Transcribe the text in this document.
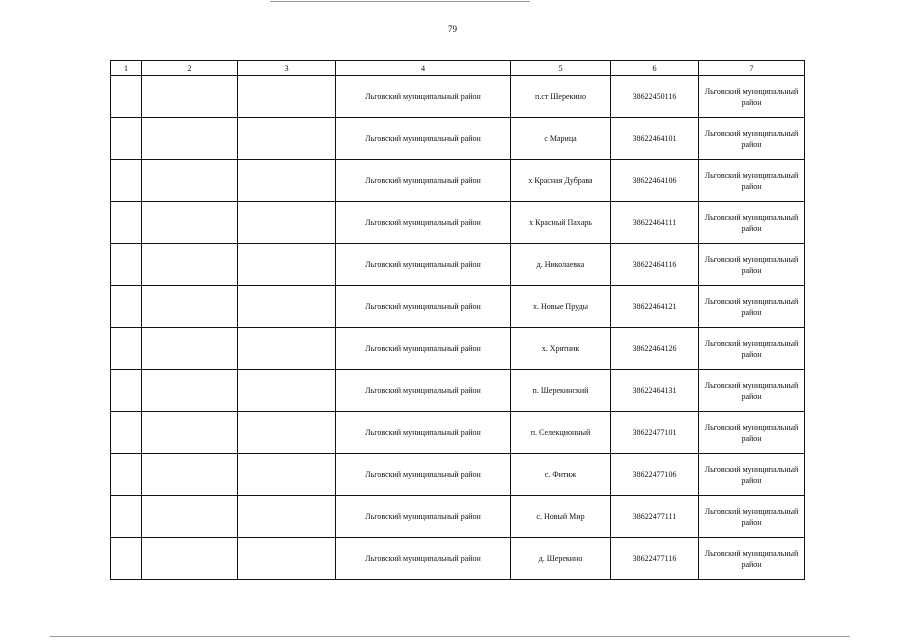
79
1	2	3	4	5	6	7
			Льговский муниципальный район	п.ст Шерекино	38622450116	Льговский муниципальный район
			Льговский муниципальный район	с Марица	38622464101	Льговский муниципальный район
			Льговский муниципальный район	х Красная Дубрава	38622464106	Льговский муниципальный район
			Льговский муниципальный район	х Красный Пахарь	38622464111	Льговский муниципальный район
			Льговский муниципальный район	д. Николаевка	38622464116	Льговский муниципальный район
			Льговский муниципальный район	х. Новые Пруды	38622464121	Льговский муниципальный район
			Льговский муниципальный район	х. Хрятник	38622464126	Льговский муниципальный район
			Льговский муниципальный район	п. Шерекинский	38622464131	Льговский муниципальный район
			Льговский муниципальный район	п. Селекционный	38622477101	Льговский муниципальный район
			Льговский муниципальный район	с. Фитиж	38622477106	Льговский муниципальный район
			Льговский муниципальный район	с. Новый Мир	38622477111	Льговский муниципальный район
			Льговский муниципальный район	д. Шерекино	38622477116	Льговский муниципальный район
